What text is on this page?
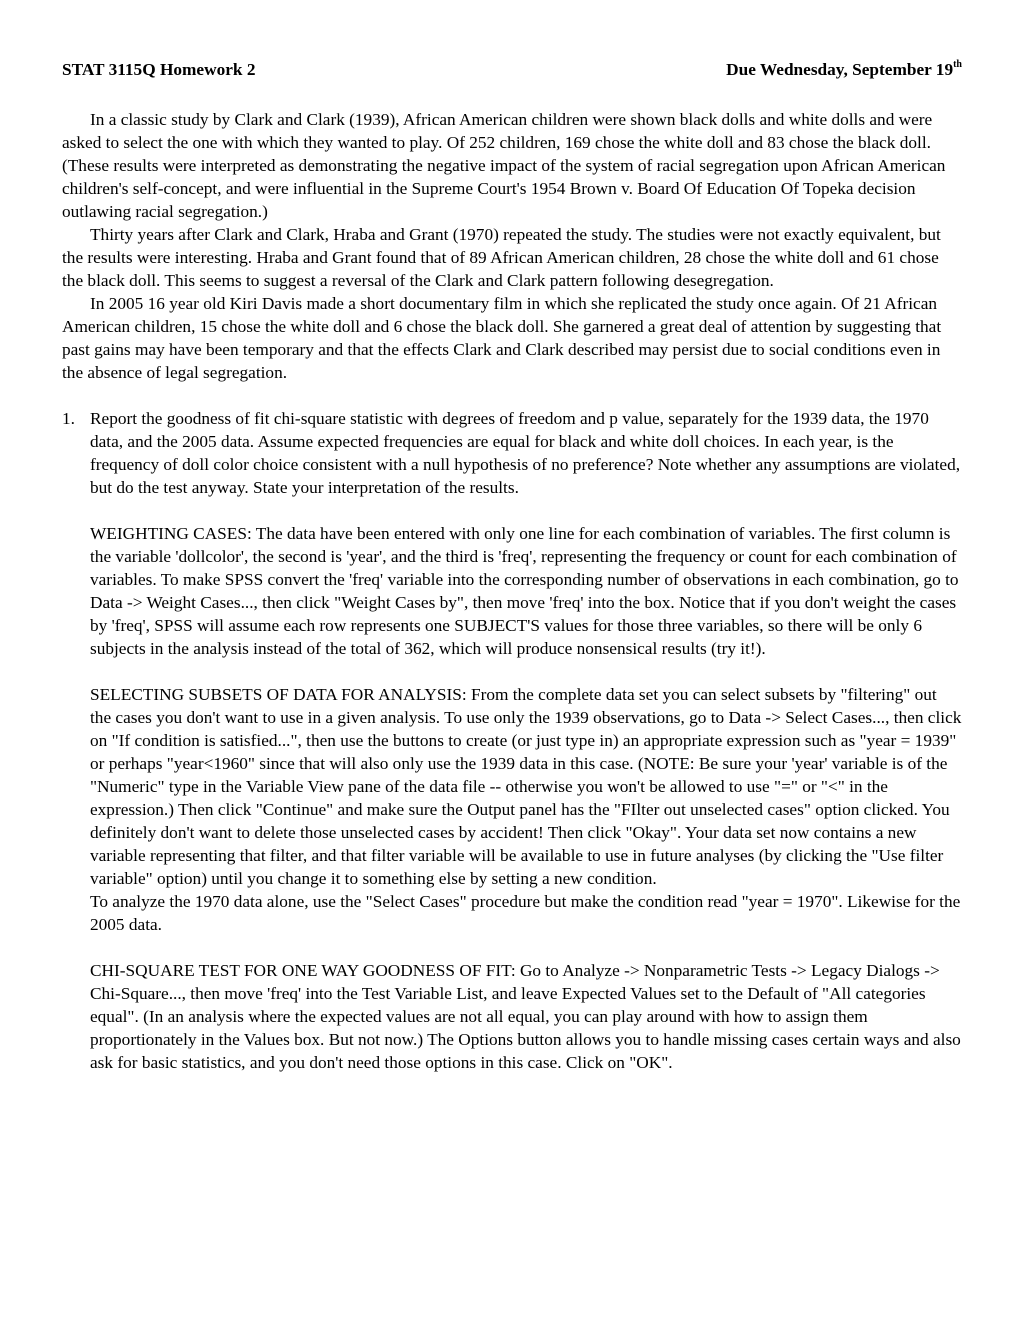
STAT 3115Q Homework 2	Due Wednesday, September 19th

In a classic study by Clark and Clark (1939), African American children were shown black dolls and white dolls and were asked to select the one with which they wanted to play. Of 252 children, 169 chose the white doll and 83 chose the black doll. (These results were interpreted as demonstrating the negative impact of the system of racial segregation upon African American children's self-concept, and were influential in the Supreme Court's 1954 Brown v. Board Of Education Of Topeka decision outlawing racial segregation.)

Thirty years after Clark and Clark, Hraba and Grant (1970) repeated the study. The studies were not exactly equivalent, but the results were interesting. Hraba and Grant found that of 89 African American children, 28 chose the white doll and 61 chose the black doll. This seems to suggest a reversal of the Clark and Clark pattern following desegregation.

In 2005 16 year old Kiri Davis made a short documentary film in which she replicated the study once again. Of 21 African American children, 15 chose the white doll and 6 chose the black doll. She garnered a great deal of attention by suggesting that past gains may have been temporary and that the effects Clark and Clark described may persist due to social conditions even in the absence of legal segregation.

1. Report the goodness of fit chi-square statistic with degrees of freedom and p value, separately for the 1939 data, the 1970 data, and the 2005 data. Assume expected frequencies are equal for black and white doll choices. In each year, is the frequency of doll color choice consistent with a null hypothesis of no preference? Note whether any assumptions are violated, but do the test anyway. State your interpretation of the results.

WEIGHTING CASES: The data have been entered with only one line for each combination of variables. The first column is the variable 'dollcolor', the second is 'year', and the third is 'freq', representing the frequency or count for each combination of variables. To make SPSS convert the 'freq' variable into the corresponding number of observations in each combination, go to Data -> Weight Cases..., then click "Weight Cases by", then move 'freq' into the box. Notice that if you don't weight the cases by 'freq', SPSS will assume each row represents one SUBJECT'S values for those three variables, so there will be only 6 subjects in the analysis instead of the total of 362, which will produce nonsensical results (try it!).

SELECTING SUBSETS OF DATA FOR ANALYSIS: From the complete data set you can select subsets by "filtering" out the cases you don't want to use in a given analysis. To use only the 1939 observations, go to Data -> Select Cases..., then click on "If condition is satisfied...", then use the buttons to create (or just type in) an appropriate expression such as "year = 1939" or perhaps "year<1960" since that will also only use the 1939 data in this case. (NOTE: Be sure your 'year' variable is of the "Numeric" type in the Variable View pane of the data file -- otherwise you won't be allowed to use "=" or "<" in the expression.) Then click "Continue" and make sure the Output panel has the "FIlter out unselected cases" option clicked. You definitely don't want to delete those unselected cases by accident! Then click "Okay". Your data set now contains a new variable representing that filter, and that filter variable will be available to use in future analyses (by clicking the "Use filter variable" option) until you change it to something else by setting a new condition.

To analyze the 1970 data alone, use the "Select Cases" procedure but make the condition read "year = 1970". Likewise for the 2005 data.

CHI-SQUARE TEST FOR ONE WAY GOODNESS OF FIT: Go to Analyze -> Nonparametric Tests -> Legacy Dialogs -> Chi-Square..., then move 'freq' into the Test Variable List, and leave Expected Values set to the Default of "All categories equal". (In an analysis where the expected values are not all equal, you can play around with how to assign them proportionately in the Values box. But not now.) The Options button allows you to handle missing cases certain ways and also ask for basic statistics, and you don't need those options in this case. Click on "OK".
